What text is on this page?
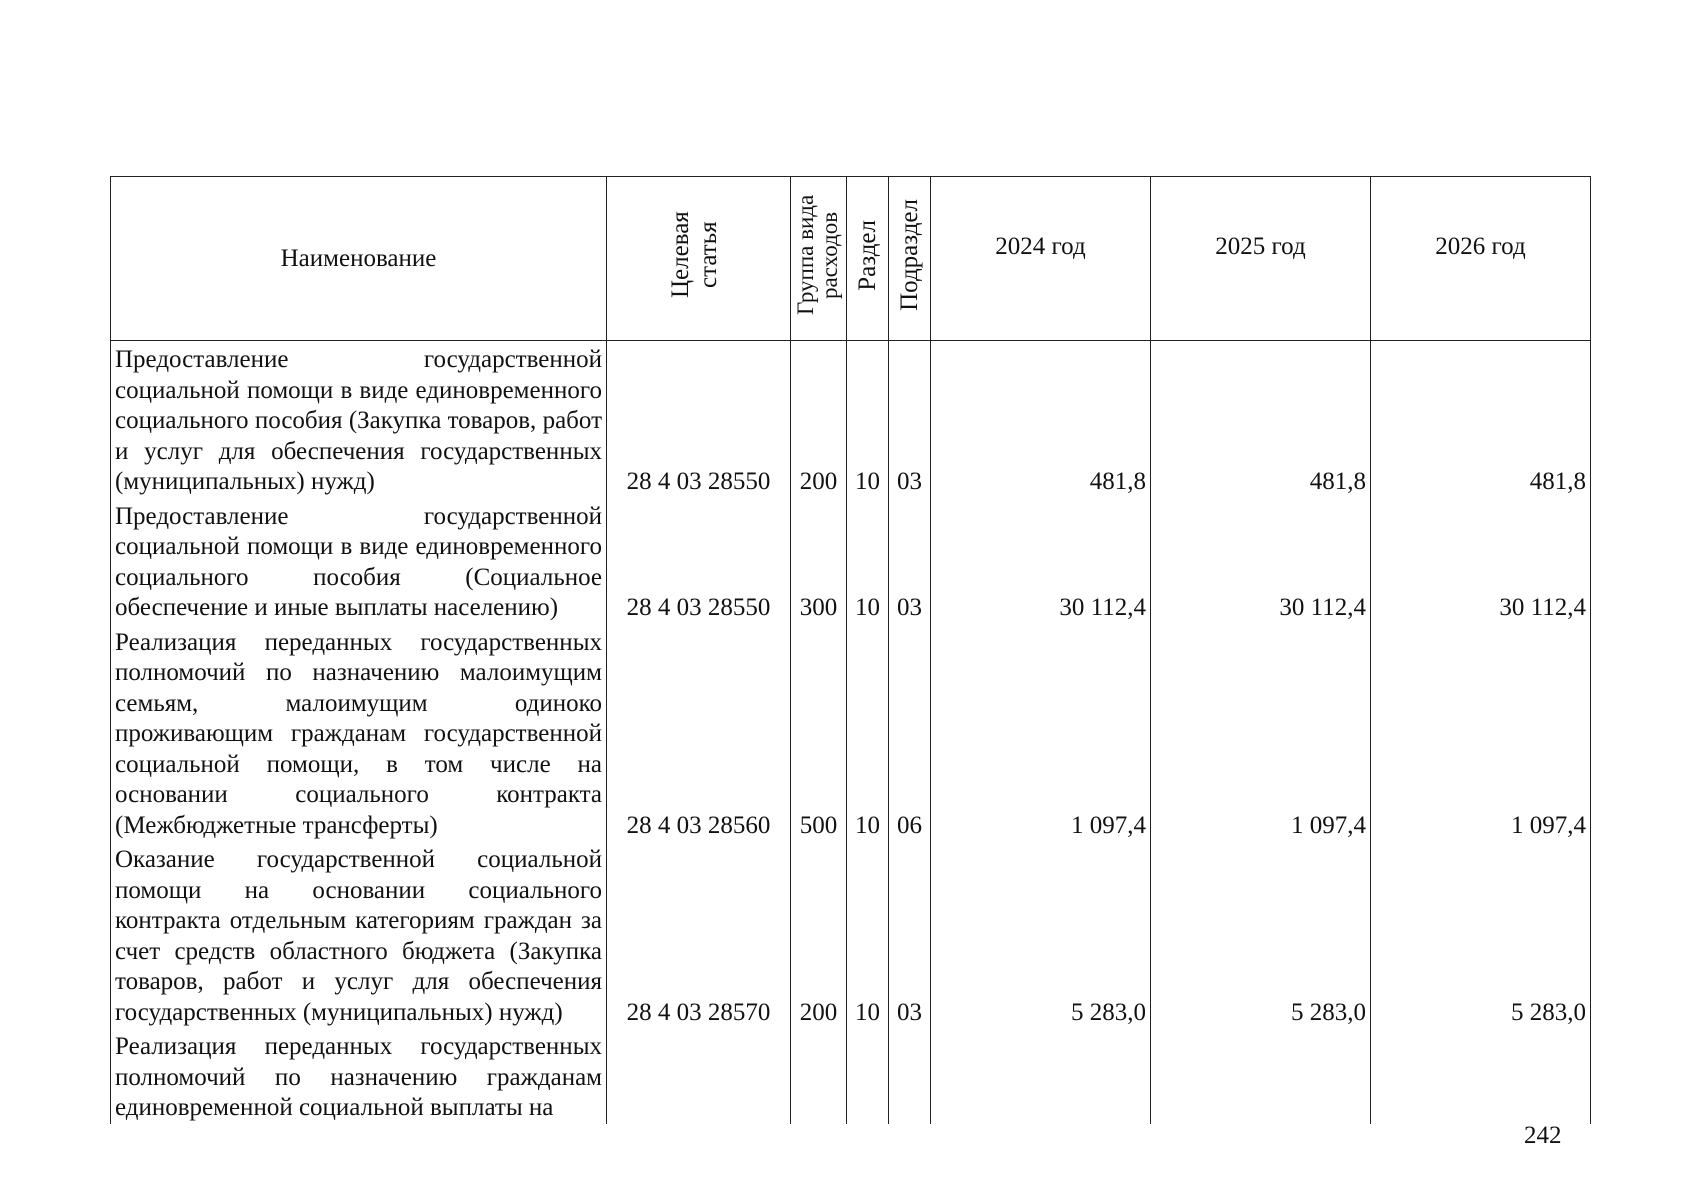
Наименование	Целевая статья	Группа вида расходов	Раздел	Подраздел	2024 год	2025 год	2026 год
Предоставление государственной социальной помощи в виде единовременного социального пособия (Закупка товаров, работ и услуг для обеспечения государственных (муниципальных) нужд)	28 4 03 28550	200	10	03	481,8	481,8	481,8
Предоставление государственной социальной помощи в виде единовременного социального пособия (Социальное обеспечение и иные выплаты населению)	28 4 03 28550	300	10	03	30 112,4	30 112,4	30 112,4
Реализация переданных государственных полномочий по назначению малоимущим семьям, малоимущим одиноко проживающим гражданам государственной социальной помощи, в том числе на основании социального контракта (Межбюджетные трансферты)	28 4 03 28560	500	10	06	1 097,4	1 097,4	1 097,4
Оказание государственной социальной помощи на основании социального контракта отдельным категориям граждан за счет средств областного бюджета (Закупка товаров, работ и услуг для обеспечения государственных (муниципальных) нужд)	28 4 03 28570	200	10	03	5 283,0	5 283,0	5 283,0
Реализация переданных государственных полномочий по назначению гражданам единовременной социальной выплаты на							
242
